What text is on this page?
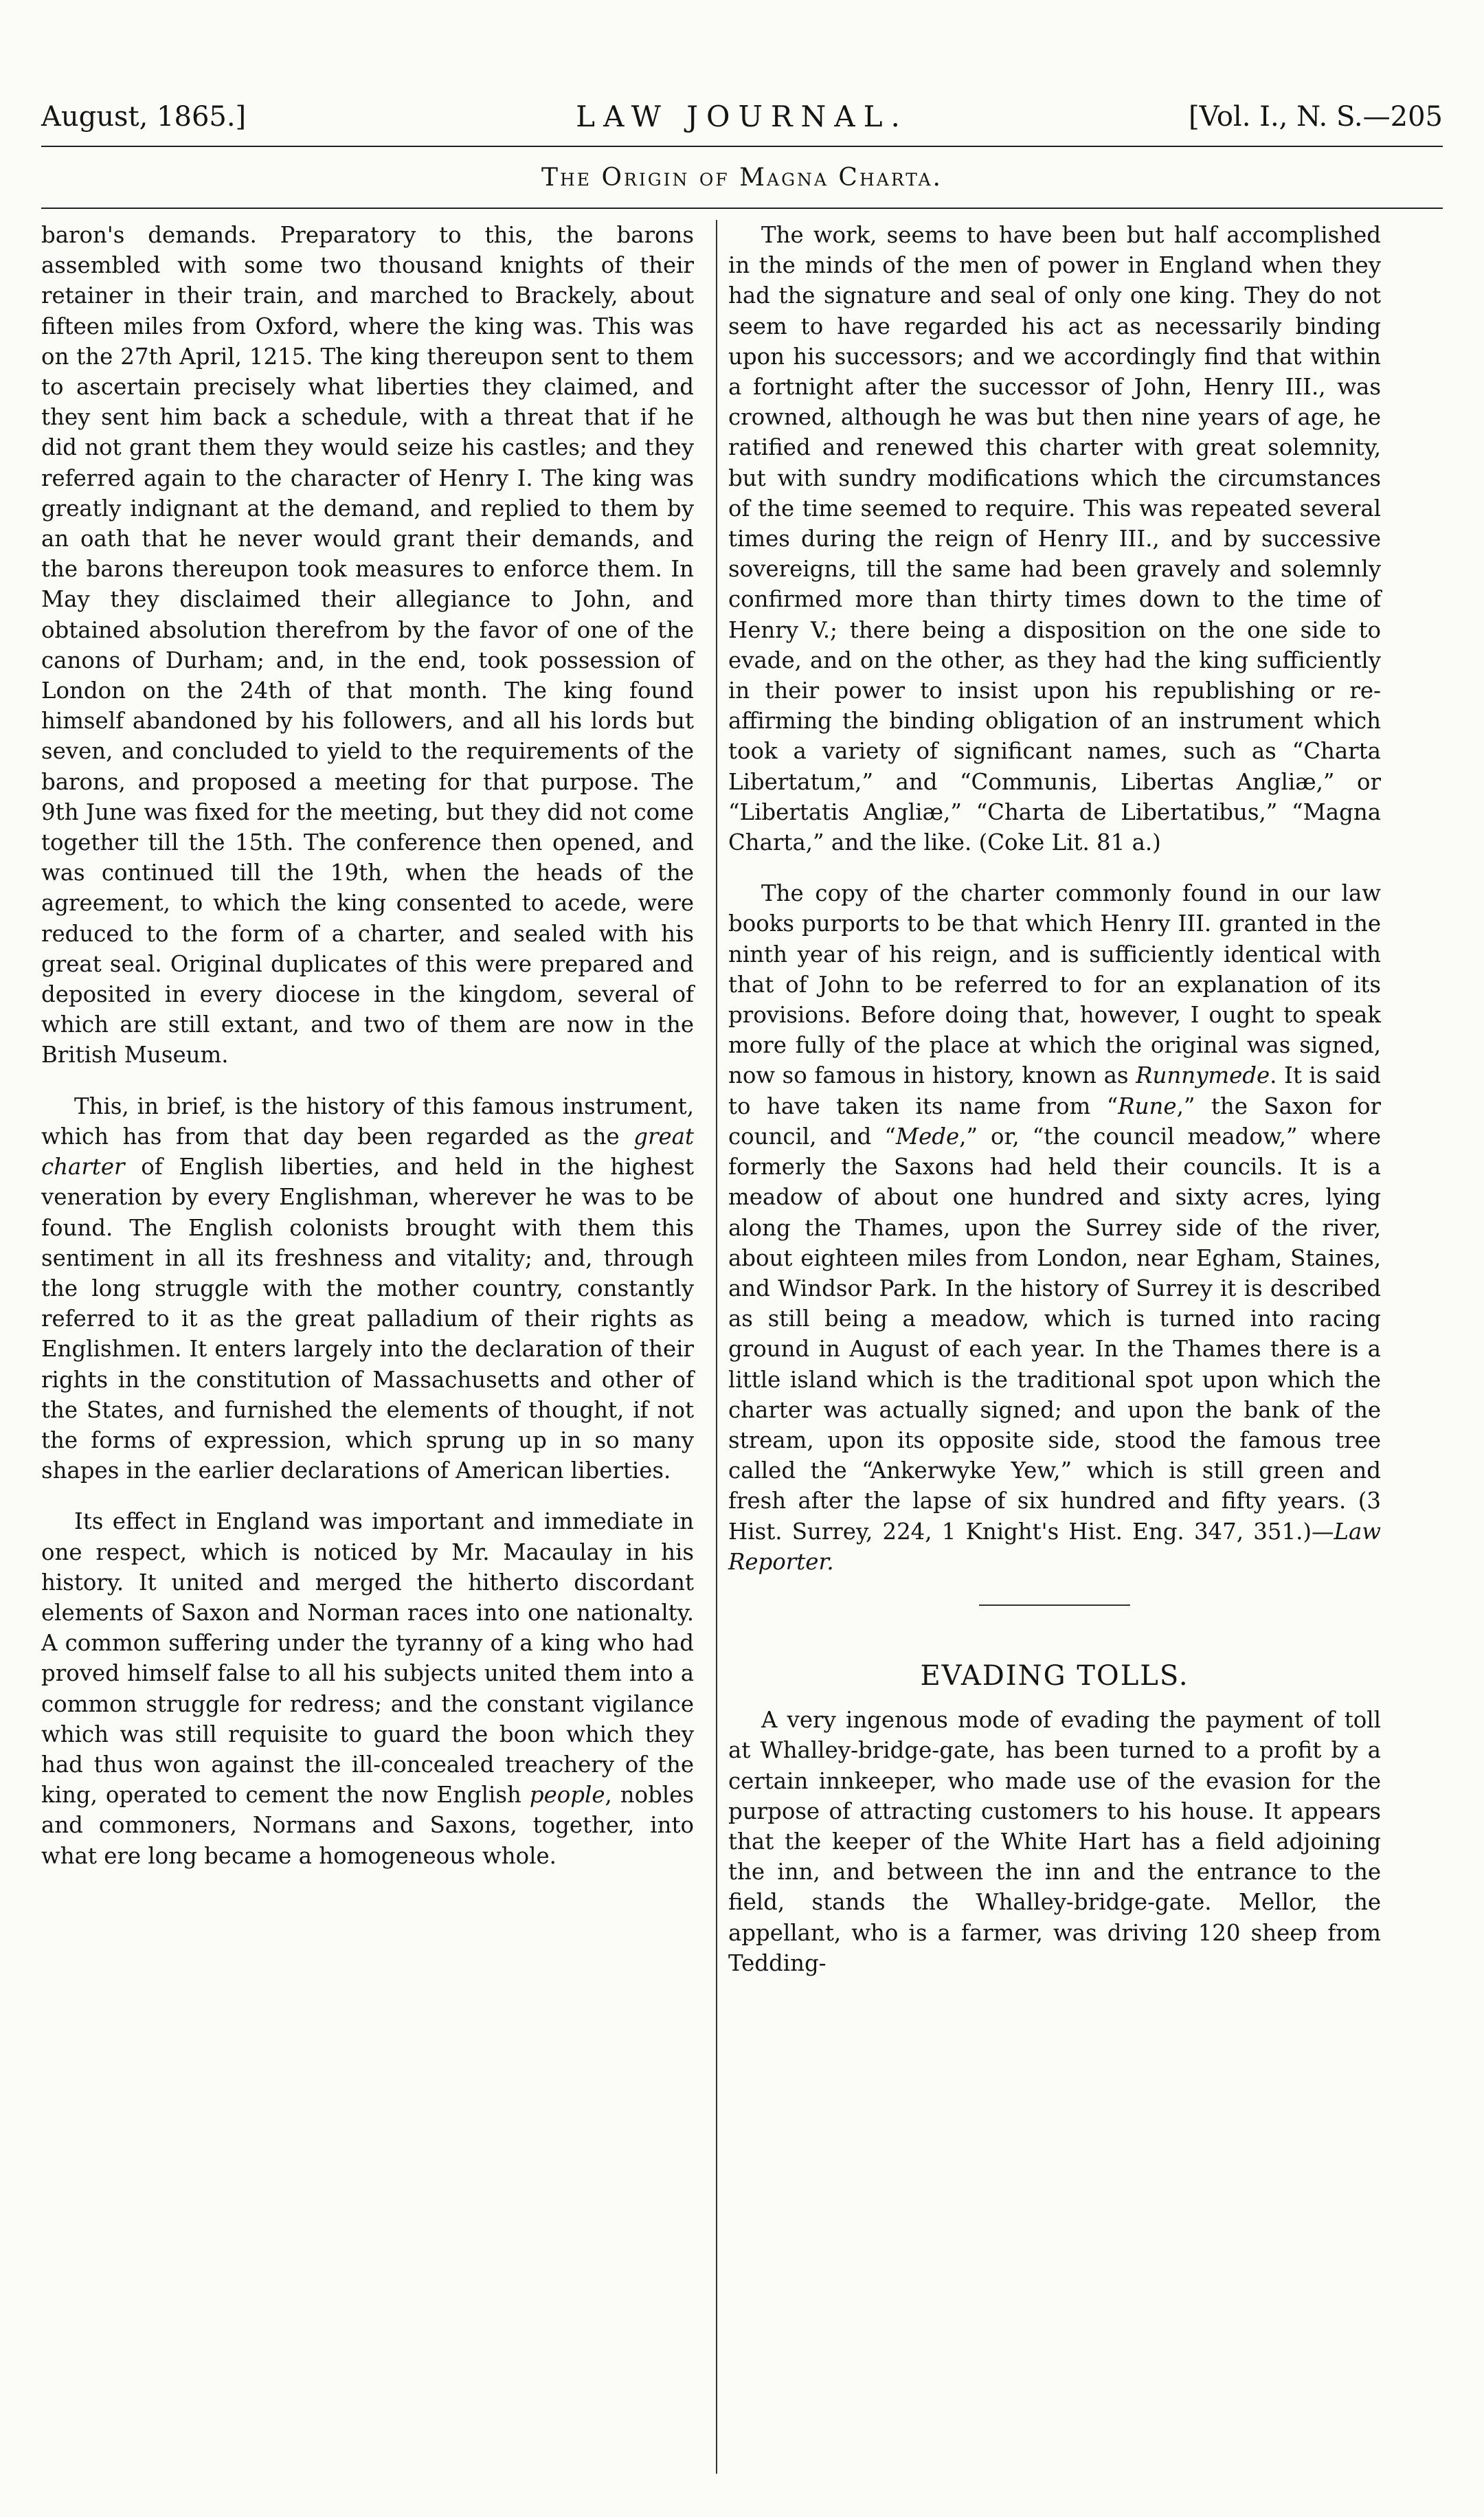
August, 1865.]	LAW JOURNAL.	[Vol. I., N. S.—205
The Origin of Magna Charta.

baron's demands. Preparatory to this, the barons assembled with some two thousand knights of their retainer in their train, and marched to Brackely, about fifteen miles from Oxford, where the king was. This was on the 27th April, 1215. The king thereupon sent to them to ascertain precisely what liberties they claimed, and they sent him back a schedule, with a threat that if he did not grant them they would seize his castles; and they referred again to the character of Henry I. The king was greatly indignant at the demand, and replied to them by an oath that he never would grant their demands, and the barons thereupon took measures to enforce them. In May they disclaimed their allegiance to John, and obtained absolution therefrom by the favor of one of the canons of Durham; and, in the end, took possession of London on the 24th of that month. The king found himself abandoned by his followers, and all his lords but seven, and concluded to yield to the requirements of the barons, and proposed a meeting for that purpose. The 9th June was fixed for the meeting, but they did not come together till the 15th. The conference then opened, and was continued till the 19th, when the heads of the agreement, to which the king consented to acede, were reduced to the form of a charter, and sealed with his great seal. Original duplicates of this were prepared and deposited in every diocese in the kingdom, several of which are still extant, and two of them are now in the British Museum.

This, in brief, is the history of this famous instrument, which has from that day been regarded as the great charter of English liberties, and held in the highest veneration by every Englishman, wherever he was to be found. The English colonists brought with them this sentiment in all its freshness and vitality; and, through the long struggle with the mother country, constantly referred to it as the great palladium of their rights as Englishmen. It enters largely into the declaration of their rights in the constitution of Massachusetts and other of the States, and furnished the elements of thought, if not the forms of expression, which sprung up in so many shapes in the earlier declarations of American liberties.

Its effect in England was important and immediate in one respect, which is noticed by Mr. Macaulay in his history. It united and merged the hitherto discordant elements of Saxon and Norman races into one nationalty. A common suffering under the tyranny of a king who had proved himself false to all his subjects united them into a common struggle for redress; and the constant vigilance which was still requisite to guard the boon which they had thus won against the ill-concealed treachery of the king, operated to cement the now English people, nobles and commoners, Normans and Saxons, together, into what ere long became a homogeneous whole.

The work, seems to have been but half accomplished in the minds of the men of power in England when they had the signature and seal of only one king. They do not seem to have regarded his act as necessarily binding upon his successors; and we accordingly find that within a fortnight after the successor of John, Henry III., was crowned, although he was but then nine years of age, he ratified and renewed this charter with great solemnity, but with sundry modifications which the circumstances of the time seemed to require. This was repeated several times during the reign of Henry III., and by successive sovereigns, till the same had been gravely and solemnly confirmed more than thirty times down to the time of Henry V.; there being a disposition on the one side to evade, and on the other, as they had the king sufficiently in their power to insist upon his republishing or re-affirming the binding obligation of an instrument which took a variety of significant names, such as “Charta Libertatum,” and “Communis, Libertas Angliæ,” or “Libertatis Angliæ,” “Charta de Libertatibus,” “Magna Charta,” and the like. (Coke Lit. 81 a.)

The copy of the charter commonly found in our law books purports to be that which Henry III. granted in the ninth year of his reign, and is sufficiently identical with that of John to be referred to for an explanation of its provisions. Before doing that, however, I ought to speak more fully of the place at which the original was signed, now so famous in history, known as Runnymede. It is said to have taken its name from “Rune,” the Saxon for council, and “Mede,” or, “the council meadow,” where formerly the Saxons had held their councils. It is a meadow of about one hundred and sixty acres, lying along the Thames, upon the Surrey side of the river, about eighteen miles from London, near Egham, Staines, and Windsor Park. In the history of Surrey it is described as still being a meadow, which is turned into racing ground in August of each year. In the Thames there is a little island which is the traditional spot upon which the charter was actually signed; and upon the bank of the stream, upon its opposite side, stood the famous tree called the “Ankerwyke Yew,” which is still green and fresh after the lapse of six hundred and fifty years. (3 Hist. Surrey, 224, 1 Knight's Hist. Eng. 347, 351.)—Law Reporter.

EVADING TOLLS.

A very ingenous mode of evading the payment of toll at Whalley-bridge-gate, has been turned to a profit by a certain innkeeper, who made use of the evasion for the purpose of attracting customers to his house. It appears that the keeper of the White Hart has a field adjoining the inn, and between the inn and the entrance to the field, stands the Whalley-bridge-gate. Mellor, the appellant, who is a farmer, was driving 120 sheep from Tedding-
